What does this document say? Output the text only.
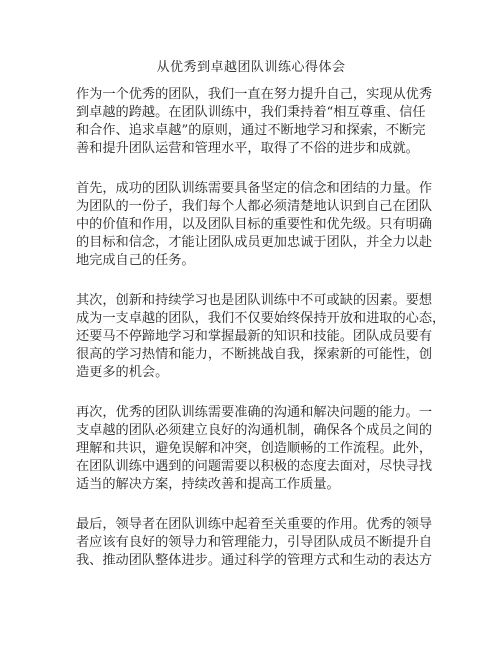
从优秀到卓越团队训练心得体会
作为一个优秀的团队，我们一直在努力提升自己，实现从优秀
到卓越的跨越。在团队训练中，我们秉持着“相互尊重、信任
和合作、追求卓越”的原则，通过不断地学习和探索，不断完
善和提升团队运营和管理水平，取得了不俗的进步和成就。
首先，成功的团队训练需要具备坚定的信念和团结的力量。作
为团队的一份子，我们每个人都必须清楚地认识到自己在团队
中的价值和作用，以及团队目标的重要性和优先级。只有明确
的目标和信念，才能让团队成员更加忠诚于团队，并全力以赴
地完成自己的任务。
其次，创新和持续学习也是团队训练中不可或缺的因素。要想
成为一支卓越的团队，我们不仅要始终保持开放和进取的心态，
还要马不停蹄地学习和掌握最新的知识和技能。团队成员要有
很高的学习热情和能力，不断挑战自我，探索新的可能性，创
造更多的机会。
再次，优秀的团队训练需要准确的沟通和解决问题的能力。一
支卓越的团队必须建立良好的沟通机制，确保各个成员之间的
理解和共识，避免误解和冲突，创造顺畅的工作流程。此外，
在团队训练中遇到的问题需要以积极的态度去面对，尽快寻找
适当的解决方案，持续改善和提高工作质量。
最后，领导者在团队训练中起着至关重要的作用。优秀的领导
者应该有良好的领导力和管理能力，引导团队成员不断提升自
我、推动团队整体进步。通过科学的管理方式和生动的表达方
